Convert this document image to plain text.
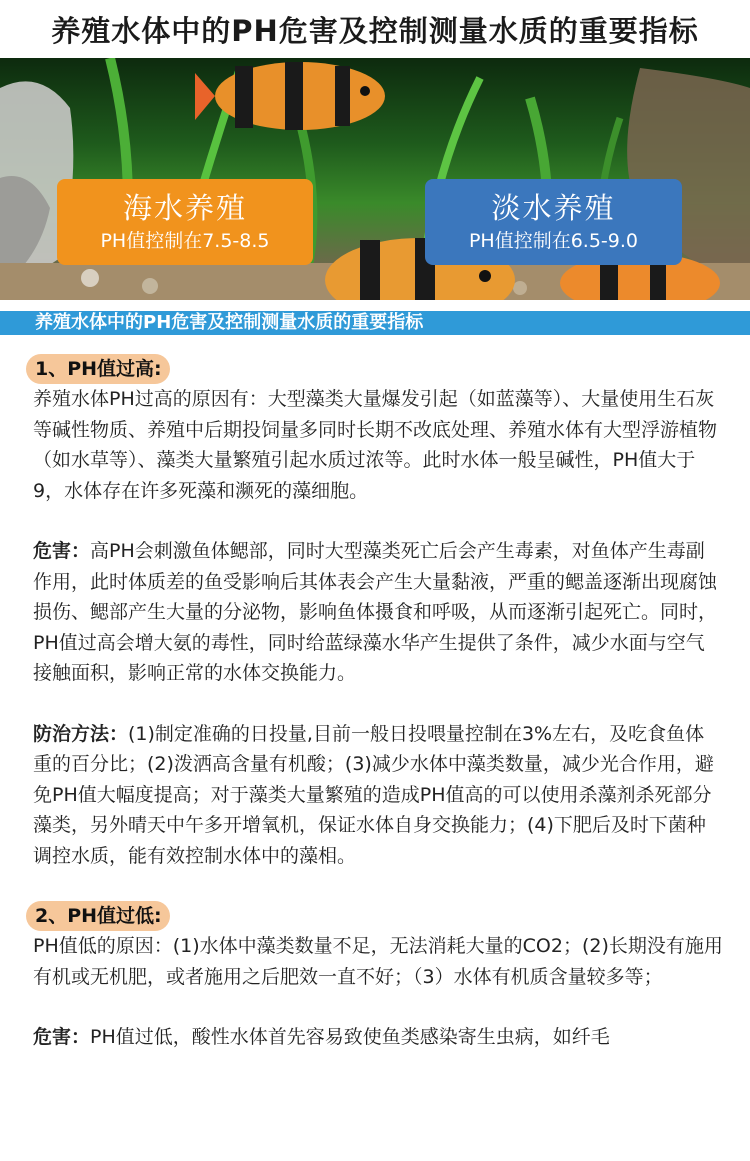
养殖水体中的PH危害及控制测量水质的重要指标
海水养殖
PH值控制在7.5-8.5
淡水养殖
PH值控制在6.5-9.0
养殖水体中的PH危害及控制测量水质的重要指标
1、PH值过高:

养殖水体PH过高的原因有：大型藻类大量爆发引起（如蓝藻等）、大量使用生石灰等碱性物质、养殖中后期投饲量多同时长期不改底处理、养殖水体有大型浮游植物（如水草等）、藻类大量繁殖引起水质过浓等。此时水体一般呈碱性，PH值大于9，水体存在许多死藻和濒死的藻细胞。

危害：高PH会刺激鱼体鳃部，同时大型藻类死亡后会产生毒素，对鱼体产生毒副作用，此时体质差的鱼受影响后其体表会产生大量黏液，严重的鳃盖逐渐出现腐蚀损伤、鳃部产生大量的分泌物，影响鱼体摄食和呼吸，从而逐渐引起死亡。同时，PH值过高会增大氨的毒性，同时给蓝绿藻水华产生提供了条件，减少水面与空气接触面积，影响正常的水体交换能力。

防治方法：(1)制定准确的日投量,目前一般日投喂量控制在3%左右，及吃食鱼体重的百分比；(2)泼洒高含量有机酸；(3)减少水体中藻类数量，减少光合作用，避免PH值大幅度提高；对于藻类大量繁殖的造成PH值高的可以使用杀藻剂杀死部分藻类，另外晴天中午多开增氧机，保证水体自身交换能力；(4)下肥后及时下菌种调控水质，能有效控制水体中的藻相。

2、PH值过低:

PH值低的原因：(1)水体中藻类数量不足，无法消耗大量的CO2；(2)长期没有施用有机或无机肥，或者施用之后肥效一直不好；（3）水体有机质含量较多等；

危害：PH值过低，酸性水体首先容易致使鱼类感染寄生虫病，如纤毛
